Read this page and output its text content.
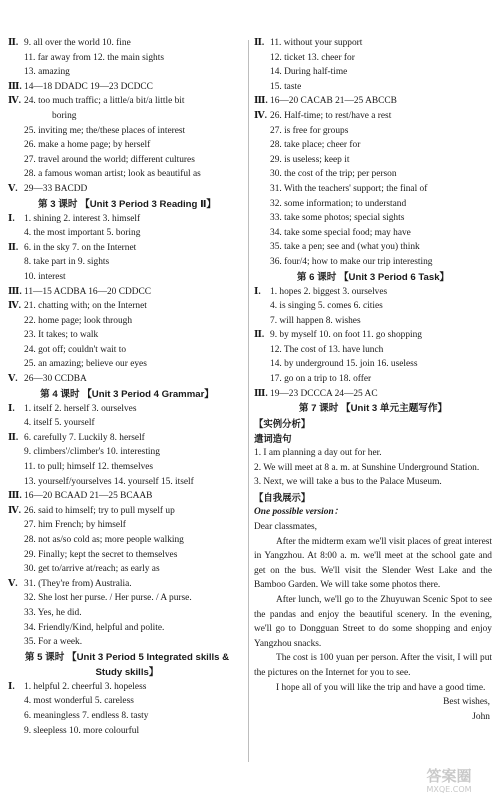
Ⅱ. 9. all over the world 10. fine
11. far away from 12. the main sights
13. amazing
Ⅲ. 14—18 DDADC 19—23 DCDCC
Ⅳ. 24. too much traffic; a little/a bit/a little bit
boring
25. inviting me; the/these places of interest
26. make a home page; by herself
27. travel around the world; different cultures
28. a famous woman artist; look as beautiful as
Ⅴ. 29—33 BACDD
第 3 课时 【Unit 3 Period 3 Reading Ⅱ】
Ⅰ. 1. shining 2. interest 3. himself
4. the most important 5. boring
Ⅱ. 6. in the sky 7. on the Internet
8. take part in 9. sights
10. interest
Ⅲ. 11—15 ACDBA 16—20 CDDCC
Ⅳ. 21. chatting with; on the Internet
22. home page; look through
23. It takes; to walk
24. got off; couldn't wait to
25. an amazing; believe our eyes
Ⅴ. 26—30 CCDBA
第 4 课时 【Unit 3 Period 4 Grammar】
Ⅰ. 1. itself 2. herself 3. ourselves
4. itself 5. yourself
Ⅱ. 6. carefully 7. Luckily 8. herself
9. climbers'/climber's 10. interesting
11. to pull; himself 12. themselves
13. yourself/yourselves 14. yourself 15. itself
Ⅲ. 16—20 BCAAD 21—25 BCAAB
Ⅳ. 26. said to himself; try to pull myself up
27. him French; by himself
28. not as/so cold as; more people walking
29. Finally; kept the secret to themselves
30. get to/arrive at/reach; as early as
Ⅴ. 31. (They're from) Australia.
32. She lost her purse. / Her purse. / A purse.
33. Yes, he did.
34. Friendly/Kind, helpful and polite.
35. For a week.
第 5 课时 【Unit 3 Period 5 Integrated skills &
Study skills】
Ⅰ. 1. helpful 2. cheerful 3. hopeless
4. most wonderful 5. careless
6. meaningless 7. endless 8. tasty
9. sleepless 10. more colourful
Ⅱ. 11. without your support
12. ticket 13. cheer for
14. During half-time
15. taste
Ⅲ. 16—20 CACAB 21—25 ABCCB
Ⅳ. 26. Half-time; to rest/have a rest
27. is free for groups
28. take place; cheer for
29. is useless; keep it
30. the cost of the trip; per person
31. With the teachers' support; the final of
32. some information; to understand
33. take some photos; special sights
34. take some special food; may have
35. take a pen; see and (what you) think
36. four/4; how to make our trip interesting
第 6 课时 【Unit 3 Period 6 Task】
Ⅰ. 1. hopes 2. biggest 3. ourselves
4. is singing 5. comes 6. cities
7. will happen 8. wishes
Ⅱ. 9. by myself 10. on foot 11. go shopping
12. The cost of 13. have lunch
14. by underground 15. join 16. useless
17. go on a trip to 18. offer
Ⅲ. 19—23 DCCCA 24—25 AC
第 7 课时 【Unit 3 单元主题写作】
【实例分析】
遣词造句
1. I am planning a day out for her.
2. We will meet at 8 a. m. at Sunshine Underground Station.
3. Next, we will take a bus to the Palace Museum.
【自我展示】
One possible version：
Dear classmates,
After the midterm exam we'll visit places of great interest in Yangzhou. At 8:00 a. m. we'll meet at the school gate and get on the bus. We'll visit the Slender West Lake and the Bamboo Garden. We will take some photos there.
After lunch, we'll go to the Zhuyuwan Scenic Spot to see the pandas and enjoy the beautiful scenery. In the evening, we'll go to Dongguan Street to do some shopping and enjoy Yangzhou snacks.
The cost is 100 yuan per person. After the visit, I will put the pictures on the Internet for you to see.
I hope all of you will like the trip and have a good time.
Best wishes,
John
答案圈
MXQE.COM
